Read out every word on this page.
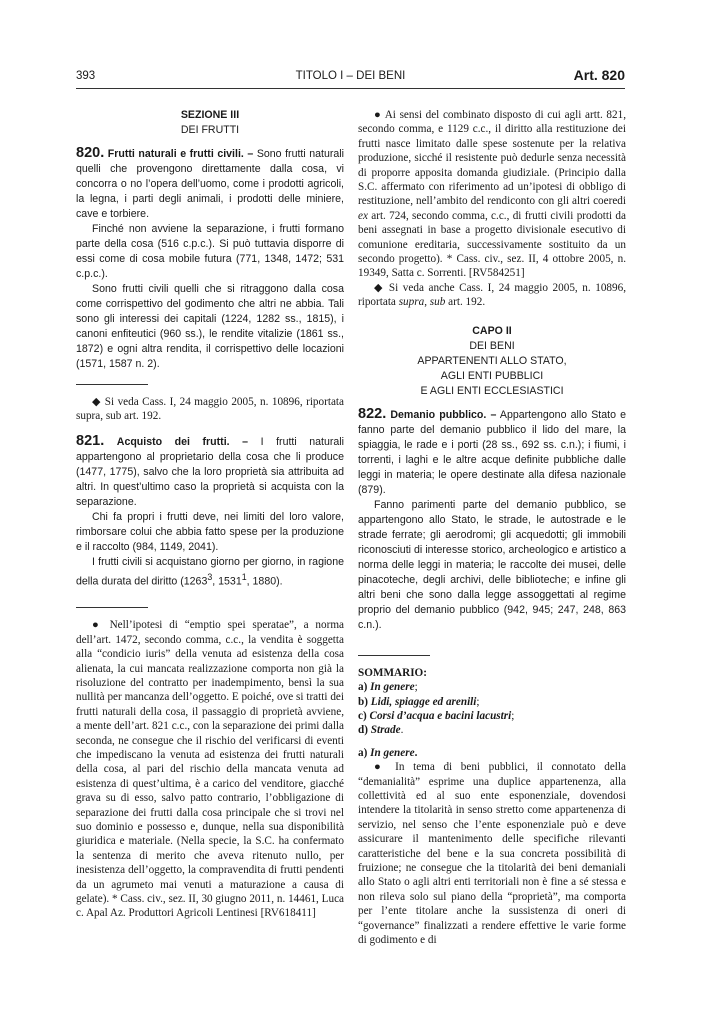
393	TITOLO I – DEI BENI	Art. 820

SEZIONE III

DEI FRUTTI

820. Frutti naturali e frutti civili. – Sono frutti naturali quelli che provengono direttamente dalla cosa, vi concorra o no l’opera dell’uomo, come i prodotti agricoli, la legna, i parti degli animali, i prodotti delle miniere, cave e torbiere.

Finché non avviene la separazione, i frutti formano parte della cosa (516 c.p.c.). Si può tuttavia disporre di essi come di cosa mobile futura (771, 1348, 1472; 531 c.p.c.).

Sono frutti civili quelli che si ritraggono dalla cosa come corrispettivo del godimento che altri ne abbia. Tali sono gli interessi dei capitali (1224, 1282 ss., 1815), i canoni enfiteutici (960 ss.), le rendite vitalizie (1861 ss., 1872) e ogni altra rendita, il corrispettivo delle locazioni (1571, 1587 n. 2).

◆ Si veda Cass. I, 24 maggio 2005, n. 10896, riportata supra, sub art. 192.

821. Acquisto dei frutti. – I frutti naturali appartengono al proprietario della cosa che li produce (1477, 1775), salvo che la loro proprietà sia attribuita ad altri. In quest’ultimo caso la proprietà si acquista con la separazione.

Chi fa propri i frutti deve, nei limiti del loro valore, rimborsare colui che abbia fatto spese per la produzione e il raccolto (984, 1149, 2041).

I frutti civili si acquistano giorno per giorno, in ragione della durata del diritto (1263$^3$, 1531$^1$, 1880).

● Nell’ipotesi di “emptio spei speratae”, a norma dell’art. 1472, secondo comma, c.c., la vendita è soggetta alla “condicio iuris” della venuta ad esistenza della cosa alienata, la cui mancata realizzazione comporta non già la risoluzione del contratto per inadempimento, bensì la sua nullità per mancanza dell’oggetto. E poiché, ove si tratti dei frutti naturali della cosa, il passaggio di proprietà avviene, a mente dell’art. 821 c.c., con la separazione dei primi dalla seconda, ne consegue che il rischio del verificarsi di eventi che impediscano la venuta ad esistenza dei frutti naturali della cosa, al pari del rischio della mancata venuta ad esistenza di quest’ultima, è a carico del venditore, giacché grava su di esso, salvo patto contrario, l’obbligazione di separazione dei frutti dalla cosa principale che si trovi nel suo dominio e possesso e, dunque, nella sua disponibilità giuridica e materiale. (Nella specie, la S.C. ha confermato la sentenza di merito che aveva ritenuto nullo, per inesistenza dell’oggetto, la compravendita di frutti pendenti da un agrumeto mai venuti a maturazione a causa di gelate). * Cass. civ., sez. II, 30 giugno 2011, n. 14461, Luca c. Apal Az. Produttori Agricoli Lentinesi [RV618411]

● Ai sensi del combinato disposto di cui agli artt. 821, secondo comma, e 1129 c.c., il diritto alla restituzione dei frutti nasce limitato dalle spese sostenute per la relativa produzione, sicché il resistente può dedurle senza necessità di proporre apposita domanda giudiziale. (Principio dalla S.C. affermato con riferimento ad un’ipotesi di obbligo di restituzione, nell’ambito del rendiconto con gli altri coeredi ex art. 724, secondo comma, c.c., di frutti civili prodotti da beni assegnati in base a progetto divisionale esecutivo di comunione ereditaria, successivamente sostituito da un secondo progetto). * Cass. civ., sez. II, 4 ottobre 2005, n. 19349, Satta c. Sorrenti. [RV584251]

◆ Si veda anche Cass. I, 24 maggio 2005, n. 10896, riportata supra, sub art. 192.

CAPO II

DEI BENI

APPARTENENTI ALLO STATO,

AGLI ENTI PUBBLICI

E AGLI ENTI ECCLESIASTICI

822. Demanio pubblico. – Appartengono allo Stato e fanno parte del demanio pubblico il lido del mare, la spiaggia, le rade e i porti (28 ss., 692 ss. c.n.); i fiumi, i torrenti, i laghi e le altre acque definite pubbliche dalle leggi in materia; le opere destinate alla difesa nazionale (879).

Fanno parimenti parte del demanio pubblico, se appartengono allo Stato, le strade, le autostrade e le strade ferrate; gli aerodromi; gli acquedotti; gli immobili riconosciuti di interesse storico, archeologico e artistico a norma delle leggi in materia; le raccolte dei musei, delle pinacoteche, degli archivi, delle biblioteche; e infine gli altri beni che sono dalla legge assoggettati al regime proprio del demanio pubblico (942, 945; 247, 248, 863 c.n.).

SOMMARIO:

a) In genere;

b) Lidi, spiagge ed arenili;

c) Corsi d’acqua e bacini lacustri;

d) Strade.

a) In genere.

● In tema di beni pubblici, il connotato della “demanialità” esprime una duplice appartenenza, alla collettività ed al suo ente esponenziale, dovendosi intendere la titolarità in senso stretto come appartenenza di servizio, nel senso che l’ente esponenziale può e deve assicurare il mantenimento delle specifiche rilevanti caratteristiche del bene e la sua concreta possibilità di fruizione; ne consegue che la titolarità dei beni demaniali allo Stato o agli altri enti territoriali non è fine a sé stessa e non rileva solo sul piano della “proprietà”, ma comporta per l’ente titolare anche la sussistenza di oneri di “governance” finalizzati a rendere effettive le varie forme di godimento e di
